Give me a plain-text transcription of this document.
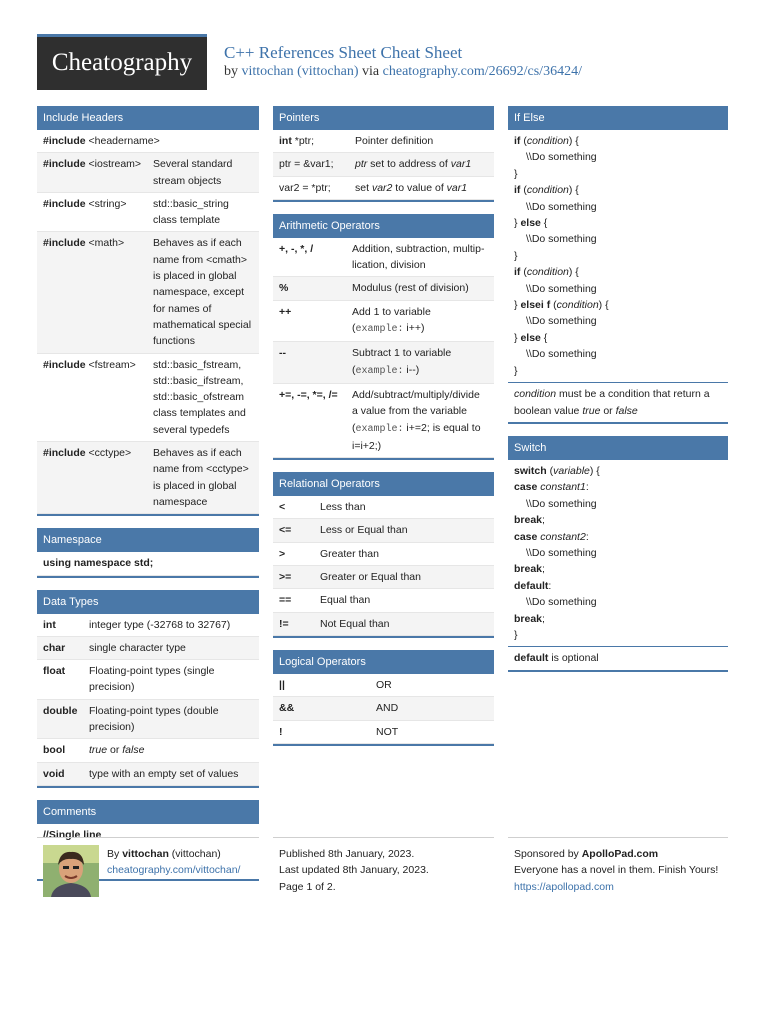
Cheatography	C++ References Sheet Cheat Sheet
by vittochan (vittochan) via cheatography.com/26692/cs/36424/
Include Headers
#include <headername>
#include <iostream>	Several standard stream objects
#include <string>	std::basic_string class template
#include <math>	Behaves as if each name from <cmath> is placed in global namespace, except for names of mathematical special functions
#include <fstream>	std::basic_fstream, std::basic_ifstream, std::basic_ofstream class templates and several typedefs
#include <cctype>	Behaves as if each name from <cctype> is placed in global namespace
Namespace
using namespace std;
Data Types
int	integer type (-32768 to 32767)
char	single character type
float	Floating-point types (single precision)
double	Floating-point types (double precision)
bool	true or false
void	type with an empty set of values
Comments
//Single line
Pointers
int *ptr;	Pointer definition
ptr = &var1;	ptr set to address of var1
var2 = *ptr;	set var2 to value of var1
Arithmetic Operators
+, -, *, /	Addition, subtraction, multip-lication, division
%	Modulus (rest of division)
++	Add 1 to variable
(example: i++)
--	Subtract 1 to variable
(example: i--)
+=, -=, *=, /=	Add/subtract/multiply/divide a value from the variable (example: i+=2; is equal to i=i+2;)
Relational Operators
<	Less than
<=	Less or Equal than
>	Greater than
>=	Greater or Equal than
==	Equal than
!=	Not Equal than
Logical Operators
||	OR
&&	AND
!	NOT
If Else
if (condition) {
\\Do something
}
if (condition) {
\\Do something
} else {
\\Do something
}
if (condition) {
\\Do something
} elsei f (condition) {
\\Do something
} else {
\\Do something
}
condition must be a condition that return a boolean value true or false
Switch
switch (variable) {
case constant1:
\\Do something
break;
case constant2:
\\Do something
break;
default:
\\Do something
break;
}
default is optional
By vittochan (vittochan)
cheatography.com/vittochan/
Published 8th January, 2023.
Last updated 8th January, 2023.
Page 1 of 2.
Sponsored by ApolloPad.com
Everyone has a novel in them. Finish Yours!
https://apollopad.com
